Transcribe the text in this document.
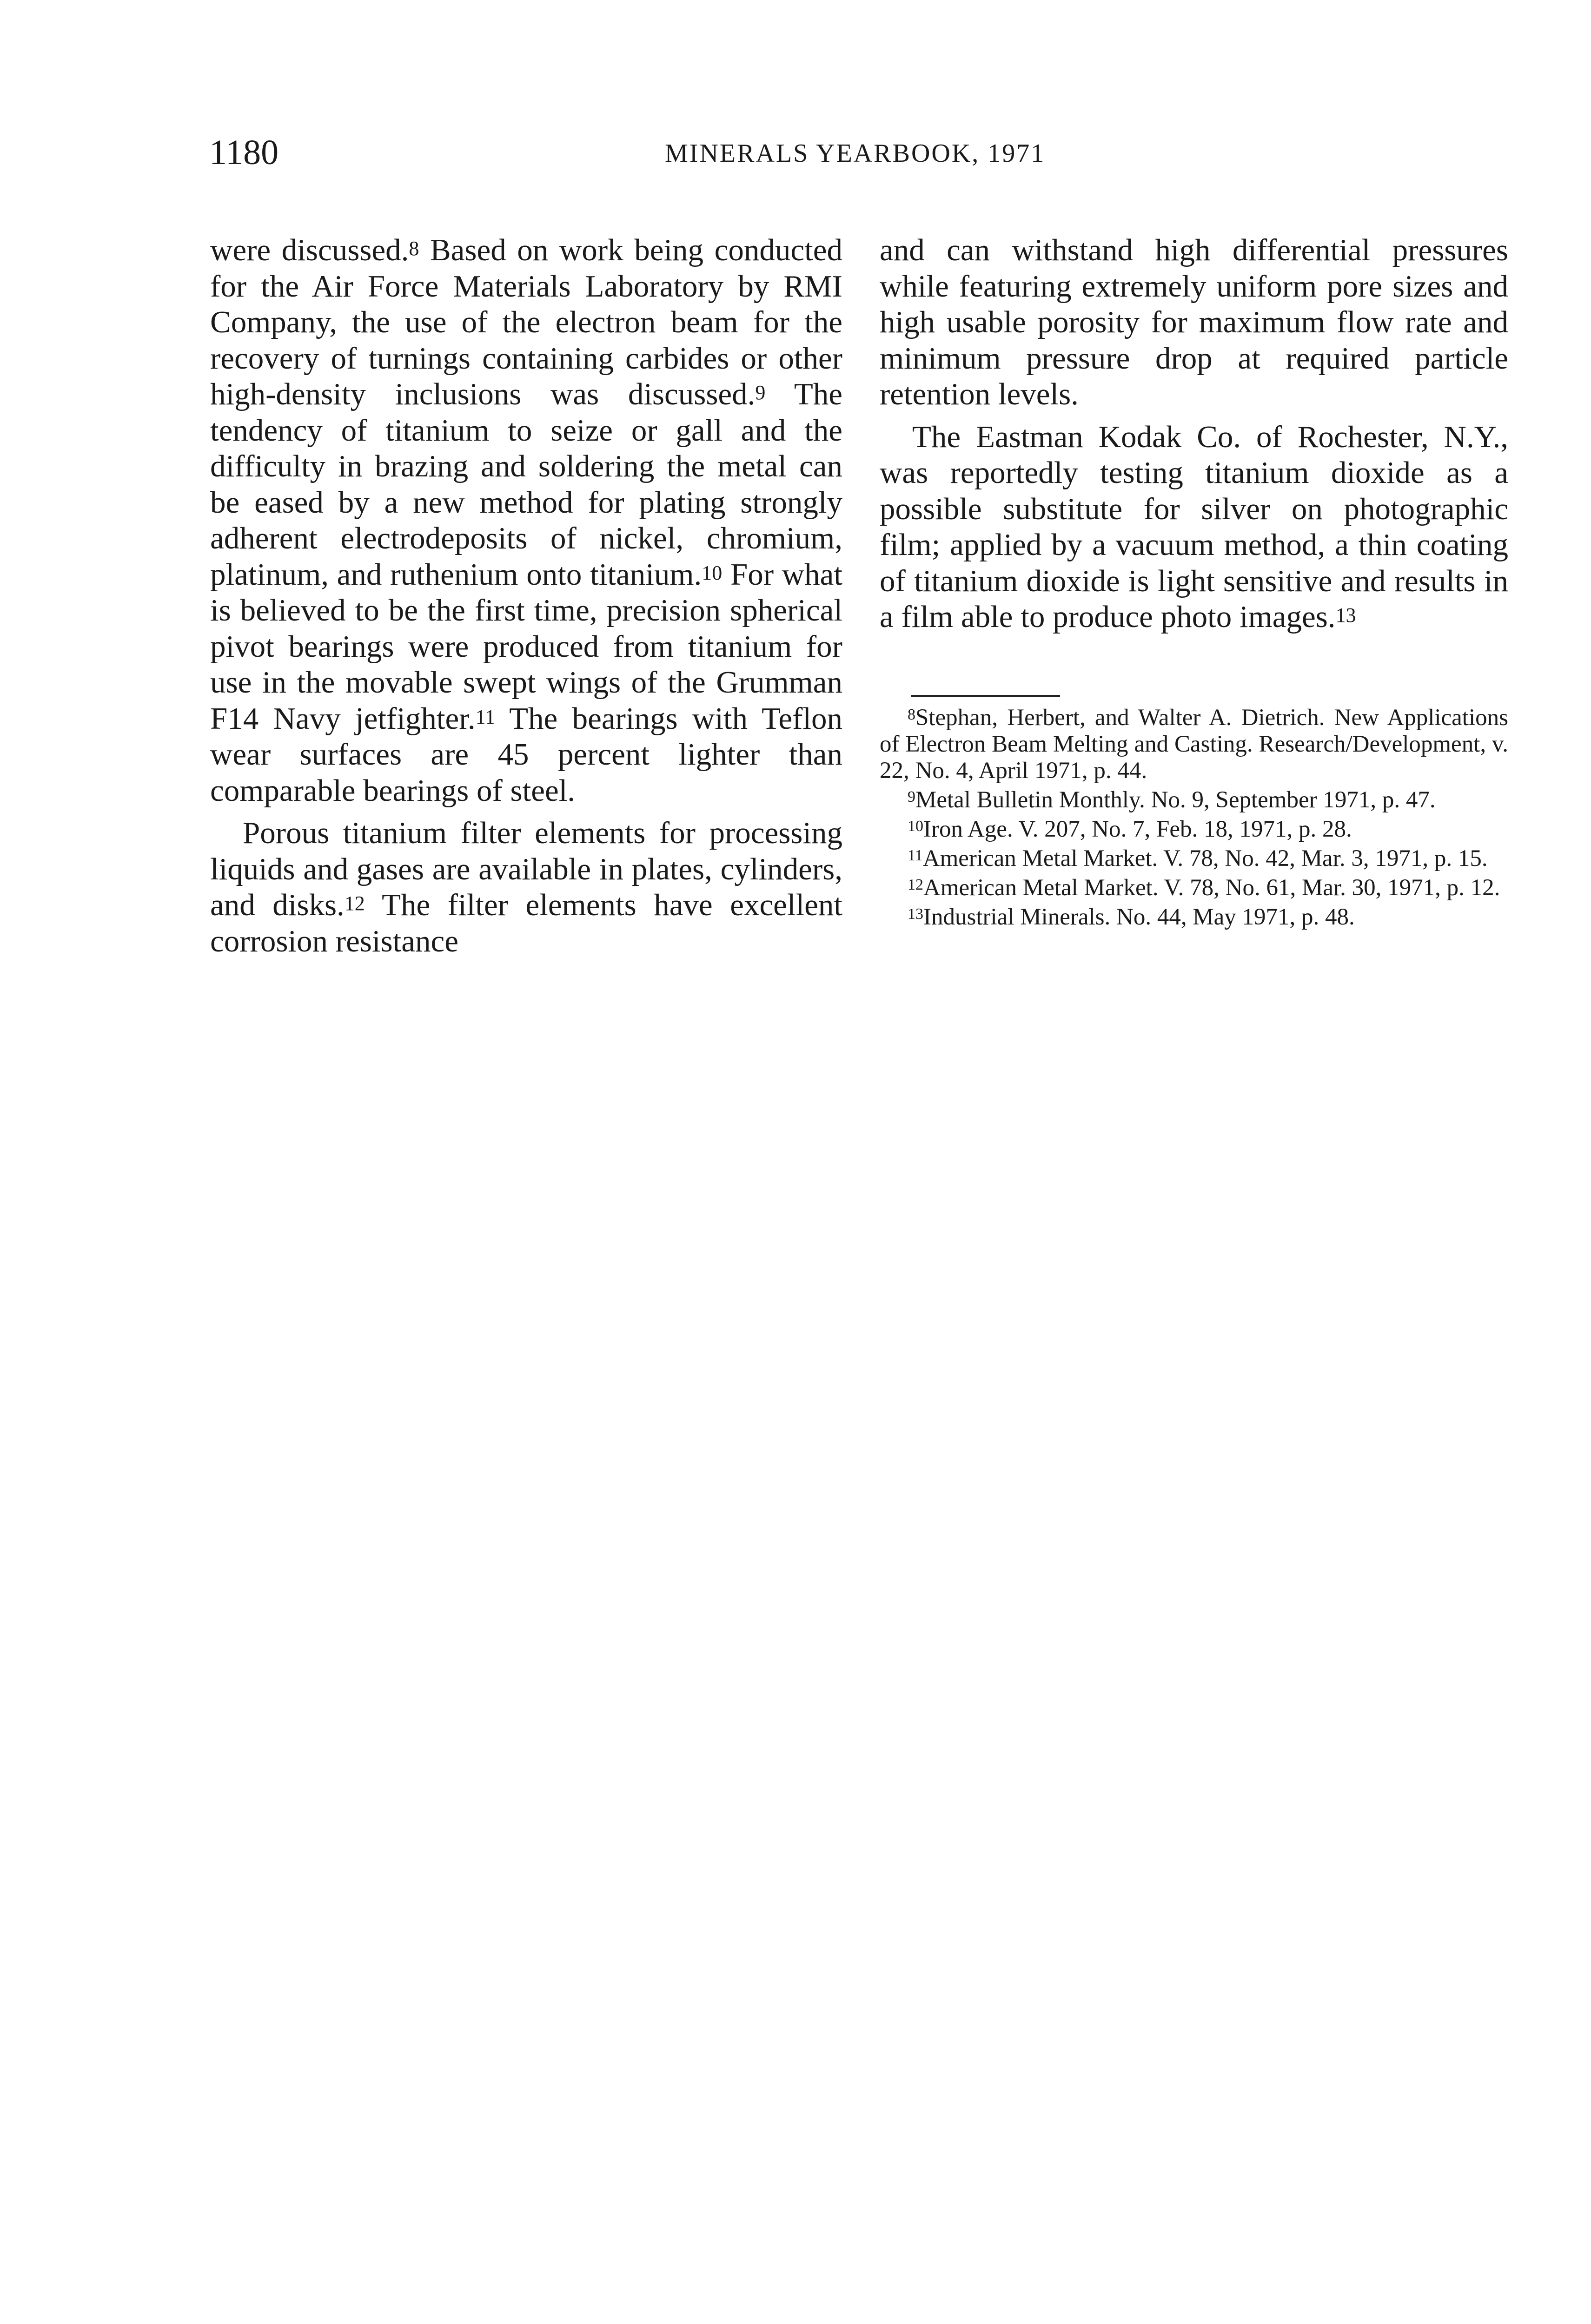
1180	MINERALS YEARBOOK, 1971

were discussed.$^8$ Based on work being conducted for the Air Force Materials Laboratory by RMI Company, the use of the electron beam for the recovery of turnings containing carbides or other high-density inclusions was discussed.$^9$ The tendency of titanium to seize or gall and the difficulty in brazing and soldering the metal can be eased by a new method for plating strongly adherent electrodeposits of nickel, chromium, platinum, and ruthenium onto titanium.$^{10}$ For what is believed to be the first time, precision spherical pivot bearings were produced from titanium for use in the movable swept wings of the Grumman F14 Navy jetfighter.$^{11}$ The bearings with Teflon wear surfaces are 45 percent lighter than comparable bearings of steel.

Porous titanium filter elements for processing liquids and gases are available in plates, cylinders, and disks.$^{12}$ The filter elements have excellent corrosion resistance

and can withstand high differential pressures while featuring extremely uniform pore sizes and high usable porosity for maximum flow rate and minimum pressure drop at required particle retention levels.

The Eastman Kodak Co. of Rochester, N.Y., was reportedly testing titanium dioxide as a possible substitute for silver on photographic film; applied by a vacuum method, a thin coating of titanium dioxide is light sensitive and results in a film able to produce photo images.$^{13}$

$^8$Stephan, Herbert, and Walter A. Dietrich. New Applications of Electron Beam Melting and Casting. Research/Development, v. 22, No. 4, April 1971, p. 44.

$^9$Metal Bulletin Monthly. No. 9, September 1971, p. 47.

$^{10}$Iron Age. V. 207, No. 7, Feb. 18, 1971, p. 28.

$^{11}$American Metal Market. V. 78, No. 42, Mar. 3, 1971, p. 15.

$^{12}$American Metal Market. V. 78, No. 61, Mar. 30, 1971, p. 12.

$^{13}$Industrial Minerals. No. 44, May 1971, p. 48.
